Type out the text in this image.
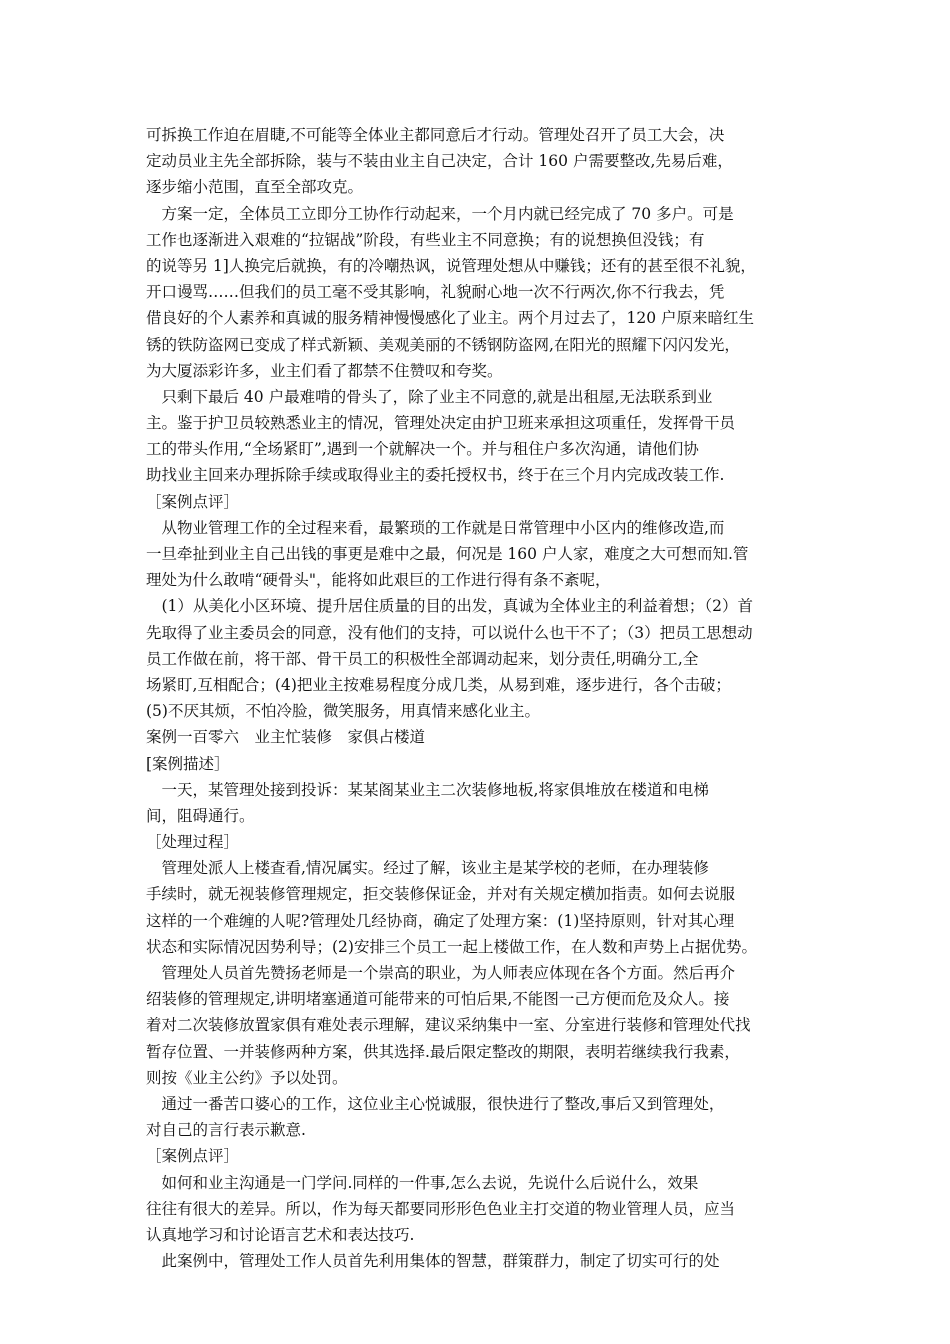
可拆换工作迫在眉睫,不可能等全体业主都同意后才行动。管理处召开了员工大会，决
定动员业主先全部拆除，装与不装由业主自己决定，合计 160 户需要整改,先易后难，
逐步缩小范围，直至全部攻克。
　方案一定，全体员工立即分工协作行动起来，一个月内就已经完成了 70 多户。可是
工作也逐渐进入艰难的“拉锯战”阶段，有些业主不同意换；有的说想换但没钱；有
的说等另 1]人换完后就换，有的冷嘲热讽，说管理处想从中赚钱；还有的甚至很不礼貌，
开口谩骂……但我们的员工毫不受其影响，礼貌耐心地一次不行两次,你不行我去，凭
借良好的个人素养和真诚的服务精神慢慢感化了业主。两个月过去了，120 户原来暗红生
锈的铁防盗网已变成了样式新颖、美观美丽的不锈钢防盗网,在阳光的照耀下闪闪发光，
为大厦添彩许多，业主们看了都禁不住赞叹和夸奖。
　只剩下最后 40 户最难啃的骨头了，除了业主不同意的,就是出租屋,无法联系到业
主。鉴于护卫员较熟悉业主的情况，管理处决定由护卫班来承担这项重任，发挥骨干员
工的带头作用,“全场紧盯”,遇到一个就解决一个。并与租住户多次沟通，请他们协
助找业主回来办理拆除手续或取得业主的委托授权书，终于在三个月内完成改装工作.
［案例点评］
　从物业管理工作的全过程来看，最繁琐的工作就是日常管理中小区内的维修改造,而
一旦牵扯到业主自己出钱的事更是难中之最，何况是 160 户人家，难度之大可想而知.管
理处为什么敢啃“硬骨头"，能将如此艰巨的工作进行得有条不紊呢，
　(1）从美化小区环境、提升居住质量的目的出发，真诚为全体业主的利益着想；（2）首
先取得了业主委员会的同意，没有他们的支持，可以说什么也干不了；（3）把员工思想动
员工作做在前，将干部、骨干员工的积极性全部调动起来，划分责任,明确分工,全
场紧盯,互相配合；(4)把业主按难易程度分成几类，从易到难，逐步进行，各个击破；
(5)不厌其烦，不怕冷脸，微笑服务，用真情来感化业主。
案例一百零六　业主忙装修　家俱占楼道
[案例描述］
　一天，某管理处接到投诉：某某阁某业主二次装修地板,将家俱堆放在楼道和电梯
间，阻碍通行。
［处理过程］
　管理处派人上楼查看,情况属实。经过了解，该业主是某学校的老师，在办理装修
手续时，就无视装修管理规定，拒交装修保证金，并对有关规定横加指责。如何去说服
这样的一个难缠的人呢?管理处几经协商，确定了处理方案：(1)坚持原则，针对其心理
状态和实际情况因势利导；(2)安排三个员工一起上楼做工作，在人数和声势上占据优势。
　管理处人员首先赞扬老师是一个崇高的职业，为人师表应体现在各个方面。然后再介
绍装修的管理规定,讲明堵塞通道可能带来的可怕后果,不能图一己方便而危及众人。接
着对二次装修放置家俱有难处表示理解，建议采纳集中一室、分室进行装修和管理处代找
暂存位置、一并装修两种方案，供其选择.最后限定整改的期限，表明若继续我行我素，
则按《业主公约》予以处罚。
　通过一番苦口婆心的工作，这位业主心悦诚服，很快进行了整改,事后又到管理处，
对自己的言行表示歉意.
［案例点评］
　如何和业主沟通是一门学问.同样的一件事,怎么去说，先说什么后说什么，效果
往往有很大的差异。所以，作为每天都要同形形色色业主打交道的物业管理人员，应当
认真地学习和讨论语言艺术和表达技巧.
　此案例中，管理处工作人员首先利用集体的智慧，群策群力，制定了切实可行的处
